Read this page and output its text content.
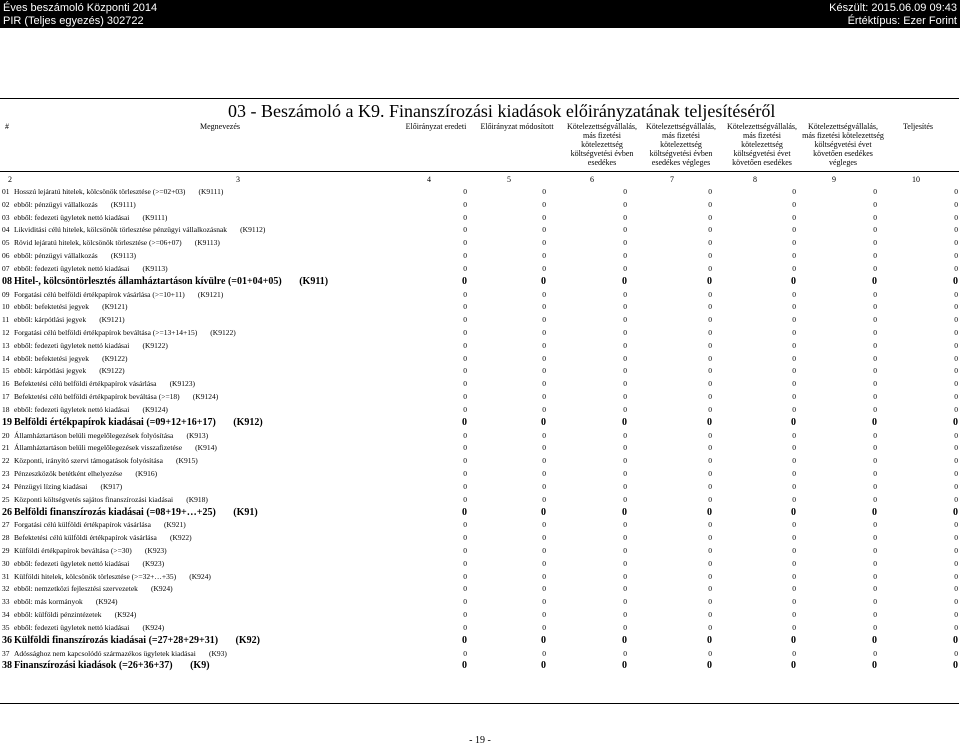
Éves beszámoló Központi 2014
PIR (Teljes egyezés) 302722
Készült: 2015.06.09 09:43
Értéktípus: Ezer Forint
03 - Beszámoló a K9. Finanszírozási kiadások előirányzatának teljesítéséről
#	Megnevezés	Előirányzat eredeti	Előirányzat módosított	Kötelezettségvállalás, más fizetési kötelezettség költségvetési évben esedékes
Kötelezettségvállalás, más fizetési kötelezettség költségvetési évben esedékes végleges
Kötelezettségvállalás, más fizetési kötelezettség költségvetési évet követően esedékes
Kötelezettségvállalás, más fizetési kötelezettség költségvetési évet követően esedékes végleges
Teljesítés
2	3	4	5	6	7	8	9	10
01 Hosszú lejáratú hitelek, kölcsönök törlesztése (>=02+03)       (K9111)	0	0	0	0	0	0	0
02 ebből: pénzügyi vállalkozás       (K9111)	0	0	0	0	0	0	0
03 ebből: fedezeti ügyletek nettó kiadásai       (K9111)	0	0	0	0	0	0	0
04 Likviditási célú hitelek, kölcsönök törlesztése pénzügyi vállalkozásnak       (K9112)	0	0	0	0	0	0	0
05 Rövid lejáratú hitelek, kölcsönök törlesztése (>=06+07)       (K9113)	0	0	0	0	0	0	0
06 ebből: pénzügyi vállalkozás       (K9113)	0	0	0	0	0	0	0
07 ebből: fedezeti ügyletek nettó kiadásai       (K9113)	0	0	0	0	0	0	0
08 Hitel-, kölcsöntörlesztés államháztartáson kívülre (=01+04+05)       (K911)	0	0	0	0	0	0	0
09 Forgatási célú belföldi értékpapírok vásárlása (>=10+11)       (K9121)	0	0	0	0	0	0	0
10 ebből: befektetési jegyek       (K9121)	0	0	0	0	0	0	0
11 ebből: kárpótlási jegyek       (K9121)	0	0	0	0	0	0	0
12 Forgatási célú belföldi értékpapírok beváltása (>=13+14+15)       (K9122)	0	0	0	0	0	0	0
13 ebből: fedezeti ügyletek nettó kiadásai       (K9122)	0	0	0	0	0	0	0
14 ebből: befektetési jegyek       (K9122)	0	0	0	0	0	0	0
15 ebből: kárpótlási jegyek       (K9122)	0	0	0	0	0	0	0
16 Befektetési célú belföldi értékpapírok vásárlása       (K9123)	0	0	0	0	0	0	0
17 Befektetési célú belföldi értékpapírok beváltása (>=18)       (K9124)	0	0	0	0	0	0	0
18 ebből: fedezeti ügyletek nettó kiadásai       (K9124)	0	0	0	0	0	0	0
19 Belföldi értékpapírok kiadásai (=09+12+16+17)       (K912)	0	0	0	0	0	0	0
20 Államháztartáson belüli megelőlegezések folyósítása       (K913)	0	0	0	0	0	0	0
21 Államháztartáson belüli megelőlegezések visszafizetése       (K914)	0	0	0	0	0	0	0
22 Központi, irányító szervi támogatások folyósítása       (K915)	0	0	0	0	0	0	0
23 Pénzeszközök betétként elhelyezése       (K916)	0	0	0	0	0	0	0
24 Pénzügyi lízing kiadásai       (K917)	0	0	0	0	0	0	0
25 Központi költségvetés sajátos finanszírozási kiadásai       (K918)	0	0	0	0	0	0	0
26 Belföldi finanszírozás kiadásai (=08+19+…+25)       (K91)	0	0	0	0	0	0	0
27 Forgatási célú külföldi értékpapírok vásárlása       (K921)	0	0	0	0	0	0	0
28 Befektetési célú külföldi értékpapírok vásárlása       (K922)	0	0	0	0	0	0	0
29 Külföldi értékpapírok beváltása (>=30)       (K923)	0	0	0	0	0	0	0
30 ebből: fedezeti ügyletek nettó kiadásai       (K923)	0	0	0	0	0	0	0
31 Külföldi hitelek, kölcsönök törlesztése (>=32+…+35)       (K924)	0	0	0	0	0	0	0
32 ebből: nemzetközi fejlesztési szervezetek       (K924)	0	0	0	0	0	0	0
33 ebből: más kormányok       (K924)	0	0	0	0	0	0	0
34 ebből: külföldi pénzintézetek       (K924)	0	0	0	0	0	0	0
35 ebből: fedezeti ügyletek nettó kiadásai       (K924)	0	0	0	0	0	0	0
36 Külföldi finanszírozás kiadásai (=27+28+29+31)       (K92)	0	0	0	0	0	0	0
37 Adóssághoz nem kapcsolódó származékos ügyletek kiadásai       (K93)	0	0	0	0	0	0	0
38 Finanszírozási kiadások (=26+36+37)       (K9)	0	0	0	0	0	0	0
- 19 -
